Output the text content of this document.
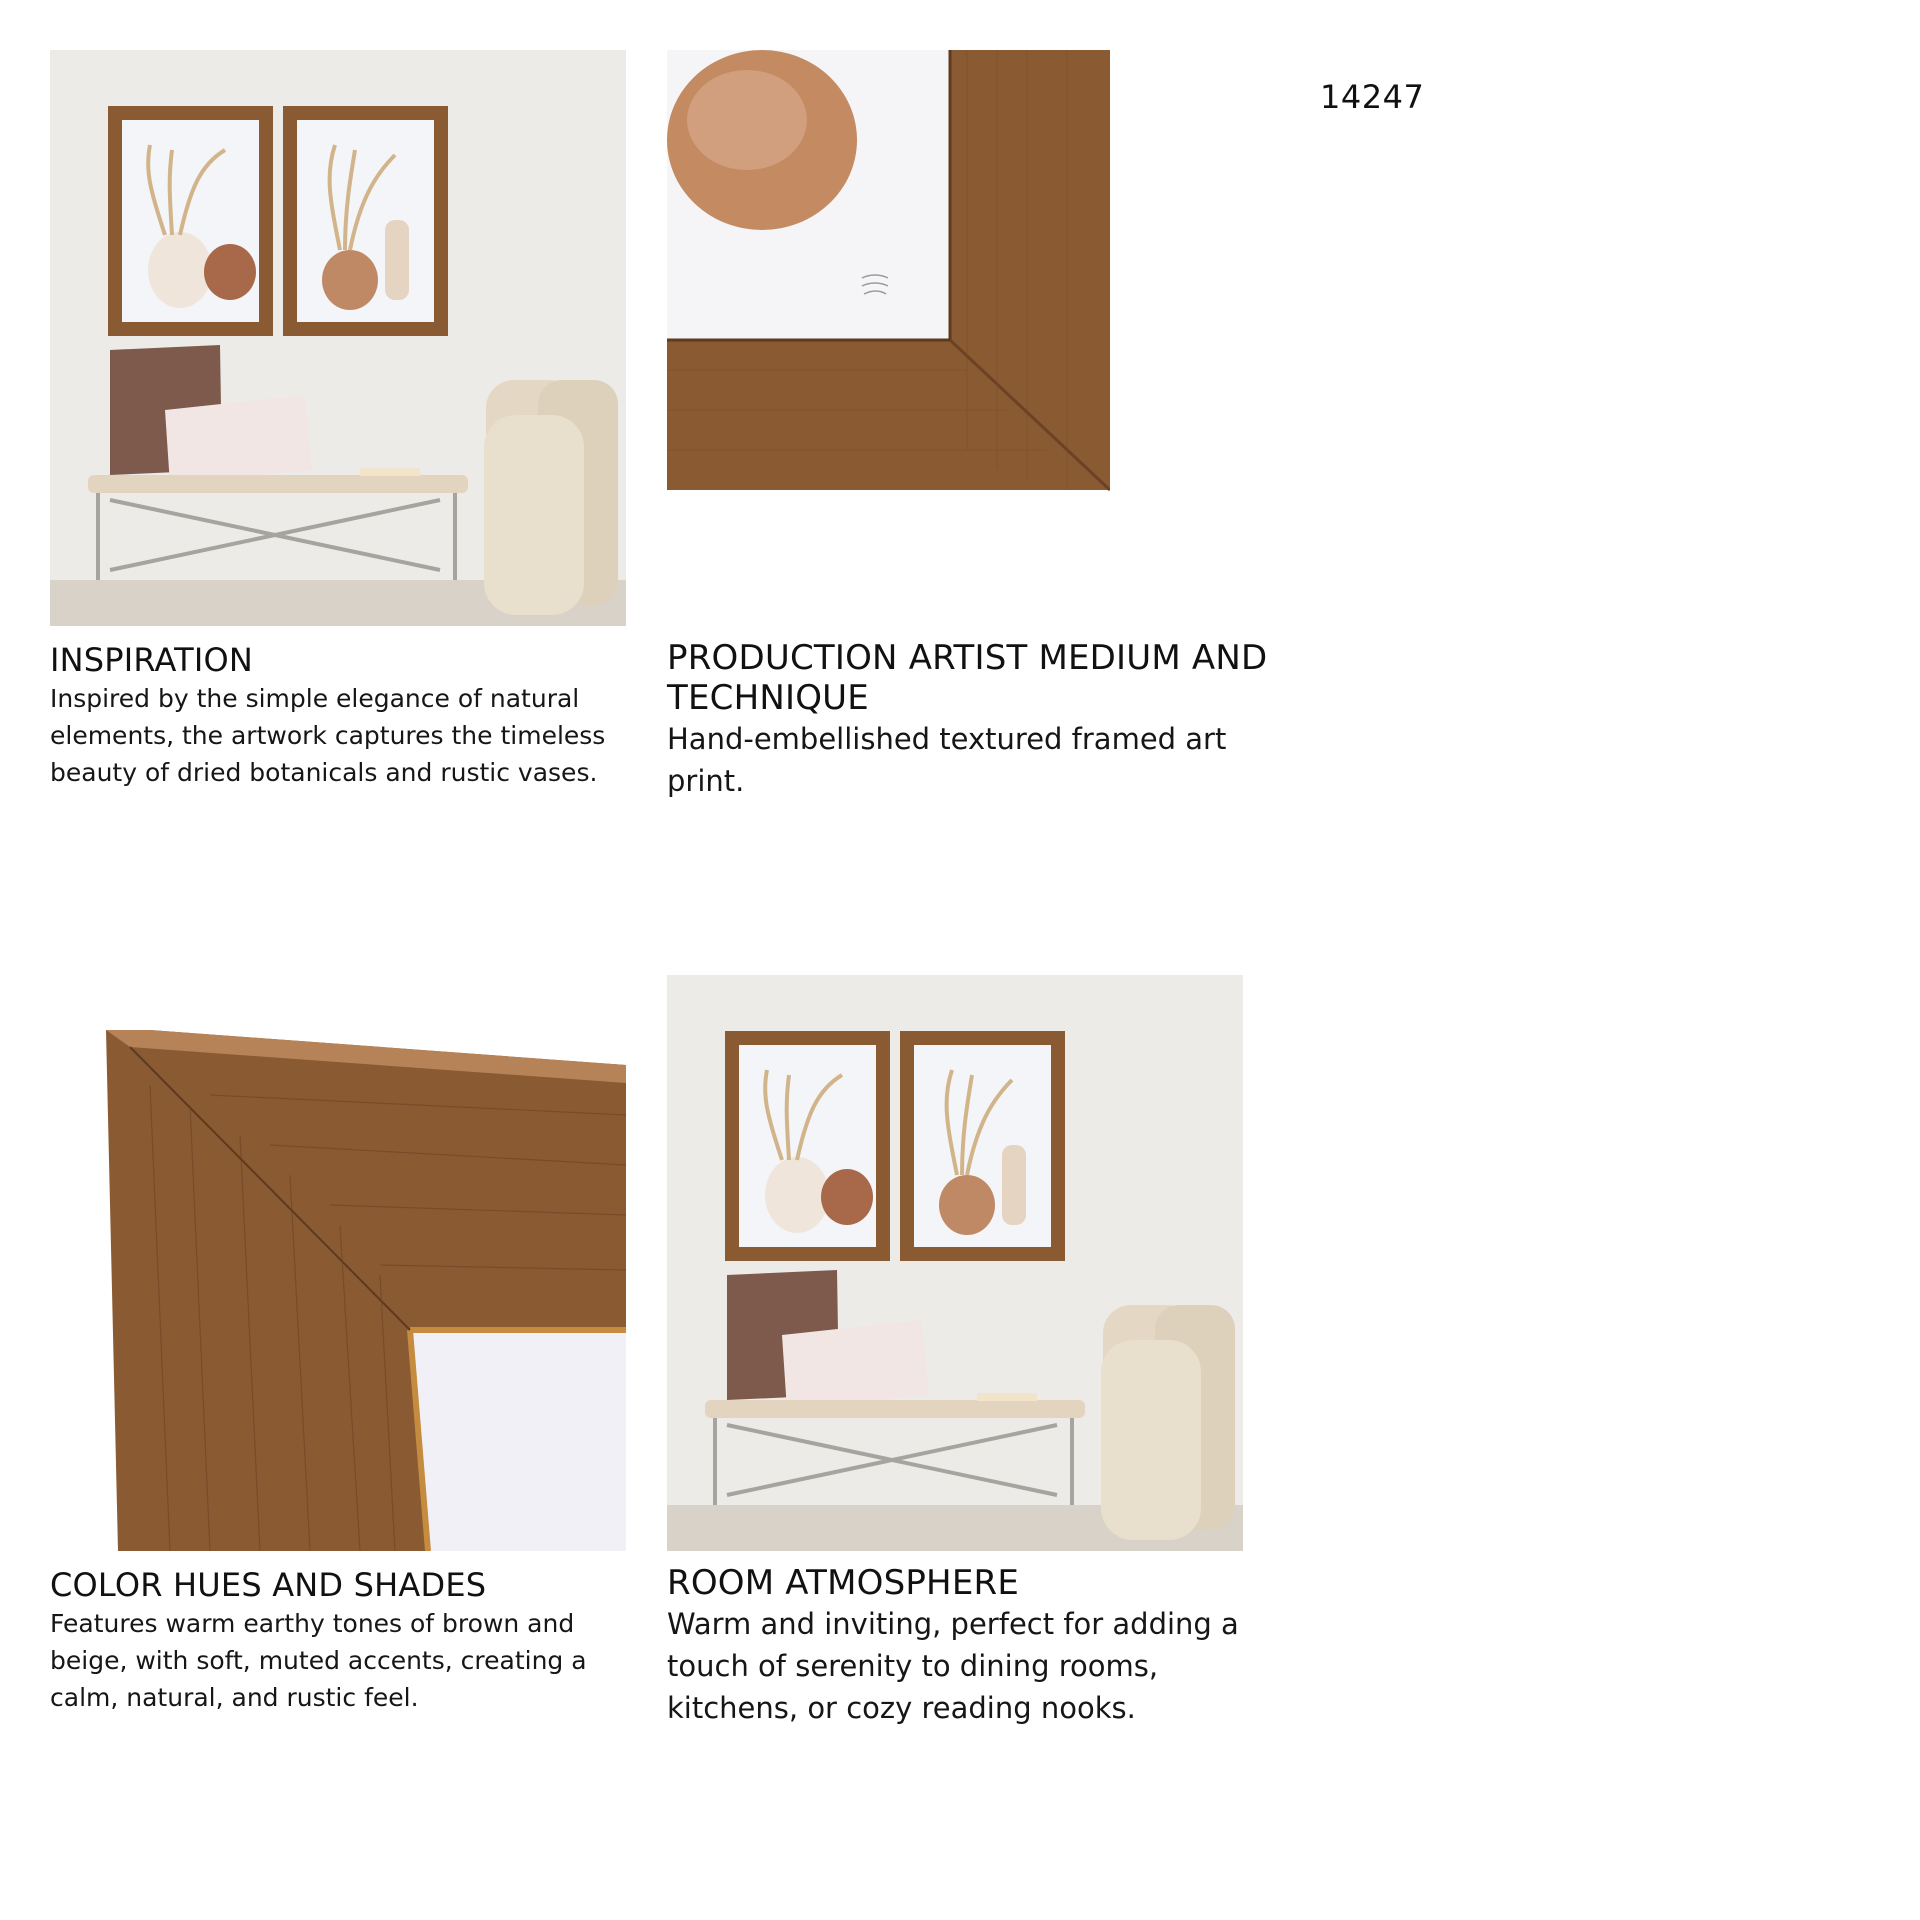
14247
INSPIRATION

Inspired by the simple elegance of natural elements, the artwork captures the timeless beauty of dried botanicals and rustic vases.

PRODUCTION ARTIST MEDIUM AND TECHNIQUE

Hand-embellished textured framed art print.

COLOR HUES AND SHADES

Features warm earthy tones of brown and beige, with soft, muted accents, creating a calm, natural, and rustic feel.

ROOM ATMOSPHERE

Warm and inviting, perfect for adding a touch of serenity to dining rooms, kitchens, or cozy reading nooks.
